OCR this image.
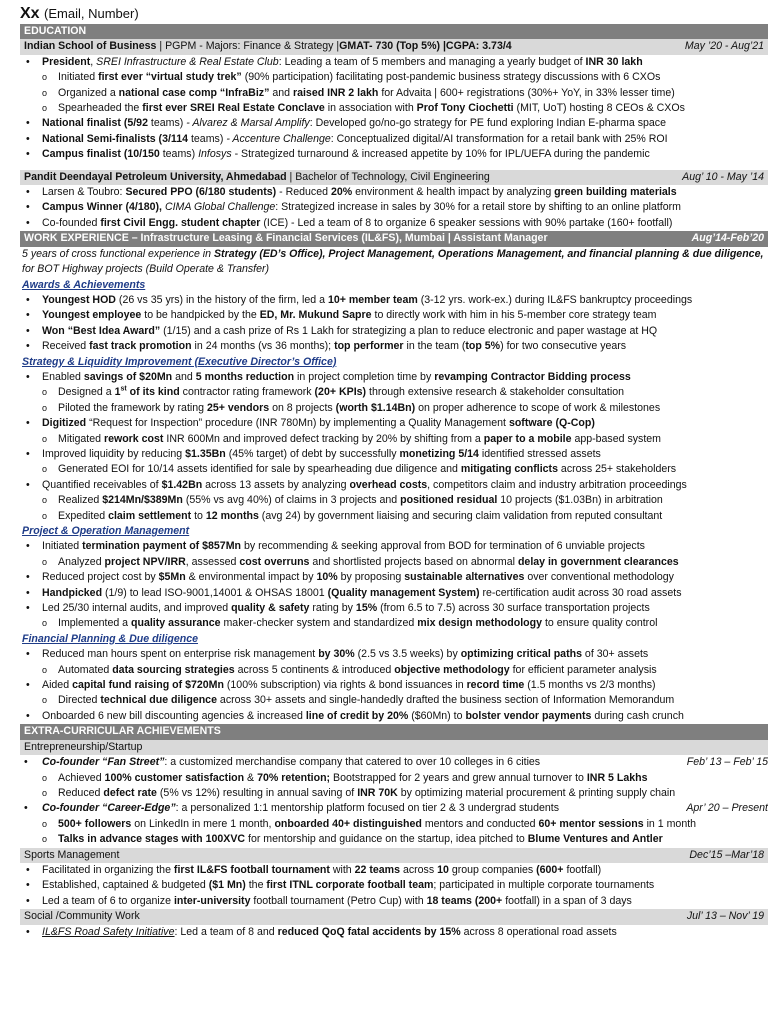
Xx (Email, Number)
EDUCATION
Indian School of Business | PGPM - Majors: Finance & Strategy |GMAT- 730 (Top 5%) |CGPA: 3.73/4	May ’20 - Aug’21
• President, SREI Infrastructure & Real Estate Club: Leading a team of 5 members and managing a yearly budget of INR 30 lakh
o Initiated first ever “virtual study trek” (90% participation) facilitating post-pandemic business strategy discussions with 6 CXOs
o Organized a national case comp “InfraBiz” and raised INR 2 lakh for Advaita | 600+ registrations (30%+ YoY, in 33% lesser time)
o Spearheaded the first ever SREI Real Estate Conclave in association with Prof Tony Ciochetti (MIT, UoT) hosting 8 CEOs & CXOs
• National finalist (5/92 teams) - Alvarez & Marsal Amplify: Developed go/no-go strategy for PE fund exploring Indian E-pharma space
• National Semi-finalists (3/114 teams) - Accenture Challenge: Conceptualized digital/AI transformation for a retail bank with 25% ROI
• Campus finalist (10/150 teams) Infosys - Strategized turnaround & increased appetite by 10% for IPL/UEFA during the pandemic
Pandit Deendayal Petroleum University, Ahmedabad | Bachelor of Technology, Civil Engineering	Aug’ 10 - May ’14
• Larsen & Toubro: Secured PPO (6/180 students) - Reduced 20% environment & health impact by analyzing green building materials
• Campus Winner (4/180), CIMA Global Challenge: Strategized increase in sales by 30% for a retail store by shifting to an online platform
• Co-founded first Civil Engg. student chapter (ICE) - Led a team of 8 to organize 6 speaker sessions with 90% partake (160+ footfall)
WORK EXPERIENCE – Infrastructure Leasing & Financial Services (IL&FS), Mumbai | Assistant Manager	Aug’14-Feb’20
5 years of cross functional experience in Strategy (ED’s Office), Project Management, Operations Management, and financial planning & due diligence, for BOT Highway projects (Build Operate & Transfer)
Awards & Achievements
• Youngest HOD (26 vs 35 yrs) in the history of the firm, led a 10+ member team (3-12 yrs. work-ex.) during IL&FS bankruptcy proceedings
• Youngest employee to be handpicked by the ED, Mr. Mukund Sapre to directly work with him in his 5-member core strategy team
• Won “Best Idea Award” (1/15) and a cash prize of Rs 1 Lakh for strategizing a plan to reduce electronic and paper wastage at HQ
• Received fast track promotion in 24 months (vs 36 months); top performer in the team (top 5%) for two consecutive years
Strategy & Liquidity Improvement (Executive Director’s Office)
• Enabled savings of $20Mn and 5 months reduction in project completion time by revamping Contractor Bidding process
o Designed a 1st of its kind contractor rating framework (20+ KPIs) through extensive research & stakeholder consultation
o Piloted the framework by rating 25+ vendors on 8 projects (worth $1.14Bn) on proper adherence to scope of work & milestones
• Digitized “Request for Inspection” procedure (INR 780Mn) by implementing a Quality Management software (Q-Cop)
o Mitigated rework cost INR 600Mn and improved defect tracking by 20% by shifting from a paper to a mobile app-based system
• Improved liquidity by reducing $1.35Bn (45% target) of debt by successfully monetizing 5/14 identified stressed assets
o Generated EOI for 10/14 assets identified for sale by spearheading due diligence and mitigating conflicts across 25+ stakeholders
• Quantified receivables of $1.42Bn across 13 assets by analyzing overhead costs, competitors claim and industry arbitration proceedings
o Realized $214Mn/$389Mn (55% vs avg 40%) of claims in 3 projects and positioned residual 10 projects ($1.03Bn) in arbitration
o Expedited claim settlement to 12 months (avg 24) by government liaising and securing claim validation from reputed consultant
Project & Operation Management
• Initiated termination payment of $857Mn by recommending & seeking approval from BOD for termination of 6 unviable projects
o Analyzed project NPV/IRR, assessed cost overruns and shortlisted projects based on abnormal delay in government clearances
• Reduced project cost by $5Mn & environmental impact by 10% by proposing sustainable alternatives over conventional methodology
• Handpicked (1/9) to lead ISO-9001,14001 & OHSAS 18001 (Quality management System) re-certification audit across 30 road assets
• Led 25/30 internal audits, and improved quality & safety rating by 15% (from 6.5 to 7.5) across 30 surface transportation projects
o Implemented a quality assurance maker-checker system and standardized mix design methodology to ensure quality control
Financial Planning & Due diligence
• Reduced man hours spent on enterprise risk management by 30% (2.5 vs 3.5 weeks) by optimizing critical paths of 30+ assets
o Automated data sourcing strategies across 5 continents & introduced objective methodology for efficient parameter analysis
• Aided capital fund raising of $720Mn (100% subscription) via rights & bond issuances in record time (1.5 months vs 2/3 months)
o Directed technical due diligence across 30+ assets and single-handedly drafted the business section of Information Memorandum
• Onboarded 6 new bill discounting agencies & increased line of credit by 20% ($60Mn) to bolster vendor payments during cash crunch
EXTRA-CURRICULAR ACHIEVEMENTS
Entrepreneurship/Startup
• Co-founder “Fan Street”: a customized merchandise company that catered to over 10 colleges in 6 cities	Feb’ 13 – Feb’ 15
o Achieved 100% customer satisfaction & 70% retention; Bootstrapped for 2 years and grew annual turnover to INR 5 Lakhs
o Reduced defect rate (5% vs 12%) resulting in annual saving of INR 70K by optimizing material procurement & printing supply chain
• Co-founder “Career-Edge”: a personalized 1:1 mentorship platform focused on tier 2 & 3 undergrad students	Apr’ 20 – Present
o 500+ followers on LinkedIn in mere 1 month, onboarded 40+ distinguished mentors and conducted 60+ mentor sessions in 1 month
o Talks in advance stages with 100XVC for mentorship and guidance on the startup, idea pitched to Blume Ventures and Antler
Sports Management	Dec’15 –Mar’18
• Facilitated in organizing the first IL&FS football tournament with 22 teams across 10 group companies (600+ footfall)
• Established, captained & budgeted ($1 Mn) the first ITNL corporate football team; participated in multiple corporate tournaments
• Led a team of 6 to organize inter-university football tournament (Petro Cup) with 18 teams (200+ footfall) in a span of 3 days
Social /Community Work	Jul’ 13 – Nov’ 19
• IL&FS Road Safety Initiative: Led a team of 8 and reduced QoQ fatal accidents by 15% across 8 operational road assets
